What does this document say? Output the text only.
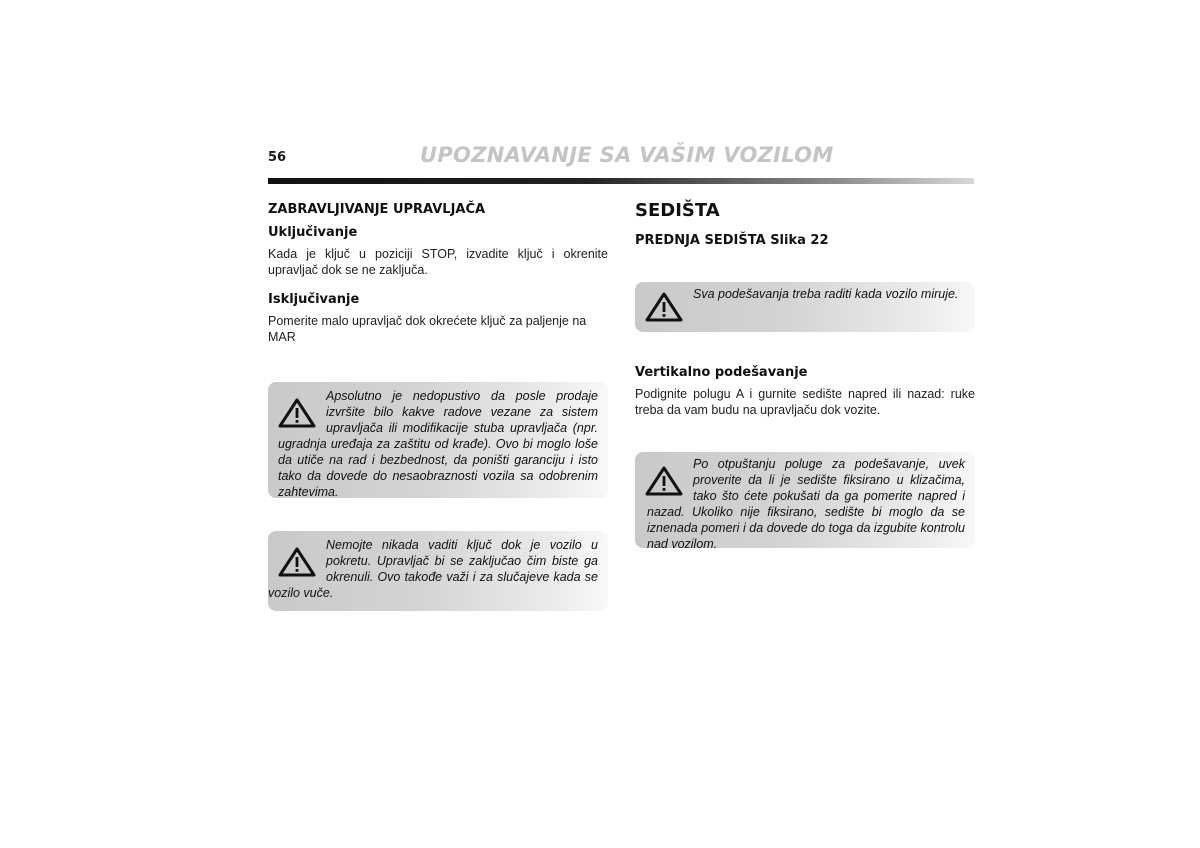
56	UPOZNAVANJE SA VAŠIM VOZILOM

ZABRAVLJIVANJE UPRAVLJAČA

Uključivanje

Kada je ključ u poziciji STOP, izvadite ključ i okrenite upravljač dok se ne zaključa.

Isključivanje

Pomerite malo upravljač dok okrećete ključ za paljenje na MAR

Apsolutno je nedopustivo da posle prodaje izvršite bilo kakve radove vezane za sistem upravljača ili modifikacije stuba upravljača (npr. ugradnja uređaja za zaštitu od krađe). Ovo bi moglo loše da utiče na rad i bezbednost, da poništi garanciju i isto tako da dovede do nesaobraznosti vozila sa odobrenim zahtevima.

Nemojte nikada vaditi ključ dok je vozilo u pokretu. Upravljač bi se zaključao čim biste ga okrenuli. Ovo takođe važi i za slučajeve kada se vozilo vuče.

SEDIŠTA

PREDNJA SEDIŠTA Slika 22

Sva podešavanja treba raditi kada vozilo miruje.

Vertikalno podešavanje

Podignite polugu A i gurnite sedište napred ili nazad: ruke treba da vam budu na upravljaču dok vozite.

Po otpuštanju poluge za podešavanje, uvek proverite da li je sedište fiksirano u klizačima, tako što ćete pokušati da ga pomerite napred i nazad. Ukoliko nije fiksirano, sedište bi moglo da se iznenada pomeri i da dovede do toga da izgubite kontrolu nad vozilom.
